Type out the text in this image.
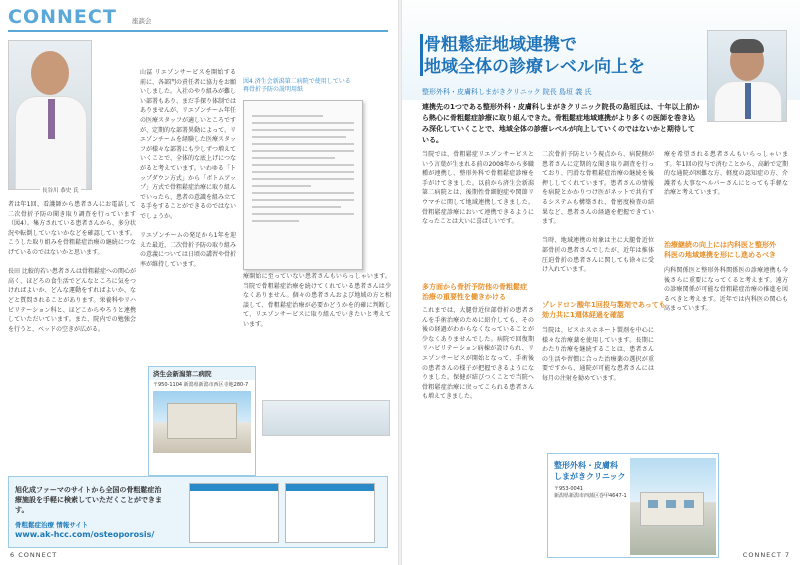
CONNECT 座談会
長谷川 恭史 氏
者は年1回、看護師から患者さんにお電話して二次骨折予防の聞き取り調査を行っています（図4）。集方されている患者さんから、多分状況や転倒していないかなどを確認しています。こうした取り組みを骨粗鬆症治療の継続につなげているのではないかと思います。

長田 比較的若い患者さんは骨粗鬆症への関心が高く、ほどろの食生活でどんなところに気をつければよいか、どんな運動をすればよいか、などと質問されることがあります。栄養科やリハビリテーション科と、ほどこからやろうと連携していただいています。また、院内での勉強会を行うと、ベッドの空きが広がる。
山冨 リエゾンサービスを開始する前に、各部門の責任者に協力をお願いしました。入社のやり組みが難しい部署もあり、まだ手探り体制ではありませんが、リエゾンチーム年任の医療スタッフが適しいところですが、定期的な部署異動によって、リエゾンチームを経験した医療スタッフが様々な部署にも少しずつ増えていくことで、全体的な底上げにつながると考えています。いわゆる「トップダウン方式」から「ボトムアップ」方式で骨粗鬆症治療に取り組んでいったら、患者の意識を組み立てる手をすることができるのではないでしょうか。

リエゾンチームの発足から1年を迎えた最近、二次骨折予防の取り組みの意義については日頃の講習や骨折率が維持しています。
療開始に至っていない患者さんもいらっしゃいます。当院で骨粗鬆症治療を続けてくれている患者さんは少なくありません。個々の患者さんおよび地域の方と相談して、骨粗鬆症治療が必要かどうかを的確に判断して、リエゾンサービスに取り組んでいきたいと考えています。
図4 済生会新潟第二病院で使用している
再骨折予防の説明用紙
済生会新潟第二病院
〒950-1104 新潟県新潟市西区寺地280-7
旭化成ファーマのサイトから全国の骨粗鬆症治療施設を手軽に検索していただくことができます。
骨粗鬆症治療 情報サイト
www.ak-hcc.com/osteoporosis/
6 CONNECT
骨粗鬆症地域連携で
地域全体の診療レベル向上を
整形外科・皮膚科しまがきクリニック 院長 島垣 義 氏
連携先の1つである整形外科・皮膚科しまがきクリニック院長の島垣氏は、十年以上前から熱心に骨粗鬆症診療に取り組んできた。骨粗鬆症地域連携がより多くの医師を巻き込み深化していくことで、地域全体の診療レベルが向上していくのではないかと期待している。
当院では、骨粗鬆症リエゾンサービスという言葉が生まれる前の2008年から多職種が連携し、整形外科で骨粗鬆症診療を手がけてきました。以前から済生会新潟第二病院とは、後期性骨細胞症や関節リウマチに関して地域連携してきました。骨粗鬆症診療において連携できるようになったことは大いに喜ばしいです。
多方面から骨折予防他の骨粗鬆症
治療の重要性を働きかける
これまでは、大腿骨近位部骨折の患者さんを手術治療のために紹介しても、その後の経過がわからなくなっていることが少なくありませんでした。病院で回復期リハビリテーション病棟が設けられ、リエゾンサービスが開始となって、手術後の患者さんの様子が把握できるようになりました。保健が結びつくことで当院へ骨粗鬆症治療に戻ってこられる患者さんも増えてきました。
二次骨折予防という視点から、病院側が患者さんに定期的な聞き取り調査を行っており、円滑な骨粗鬆症治療の継続を後押ししてくれています。患者さんの情報を病院とかかりつけ医がネットで共有するシステムも構築され、骨密度検査の結果など、患者さんの経過を把握できています。

当時、地域連携の対象は主に大腿骨近位部骨折の患者さんでしたが、近年は推体圧迫骨折の患者さんに関しても徐々に受け入れています。
ゾレドロン酸年1回投与製剤であっても
効力共に1週体経過を確認
当院は、ビスホスホネート製剤を中心に様々な治療薬を使用しています。長期にわたり治療を継続することは、患者さんの生活や習慣に合った治療薬の選択が重要ですから、通院が可能な患者さんには毎月の注射を勧めています。
療を希望される患者さんもいらっしゃいます。年1回の投与で済むことから、高齢で定期的な通院が困難な方、軽度の認知症の方、介護者も大事なヘルパーさんにとっても手軽な治療と考えています。
治療継続の向上には内科医と整形外
科医の地域連携を形にし進めるべき
内科関係医と整形外科関係医の診療連携も今後さらに重要になってくると考えます。遠方の診療関係が可能な骨粗鬆症治療の推進を図るべきと考えます。近年では内科医の関心も高まっています。
整形外科・皮膚科
しまがきクリニック
〒953-0041
新潟県新潟市西蒲区巻甲4647-1
CONNECT 7
